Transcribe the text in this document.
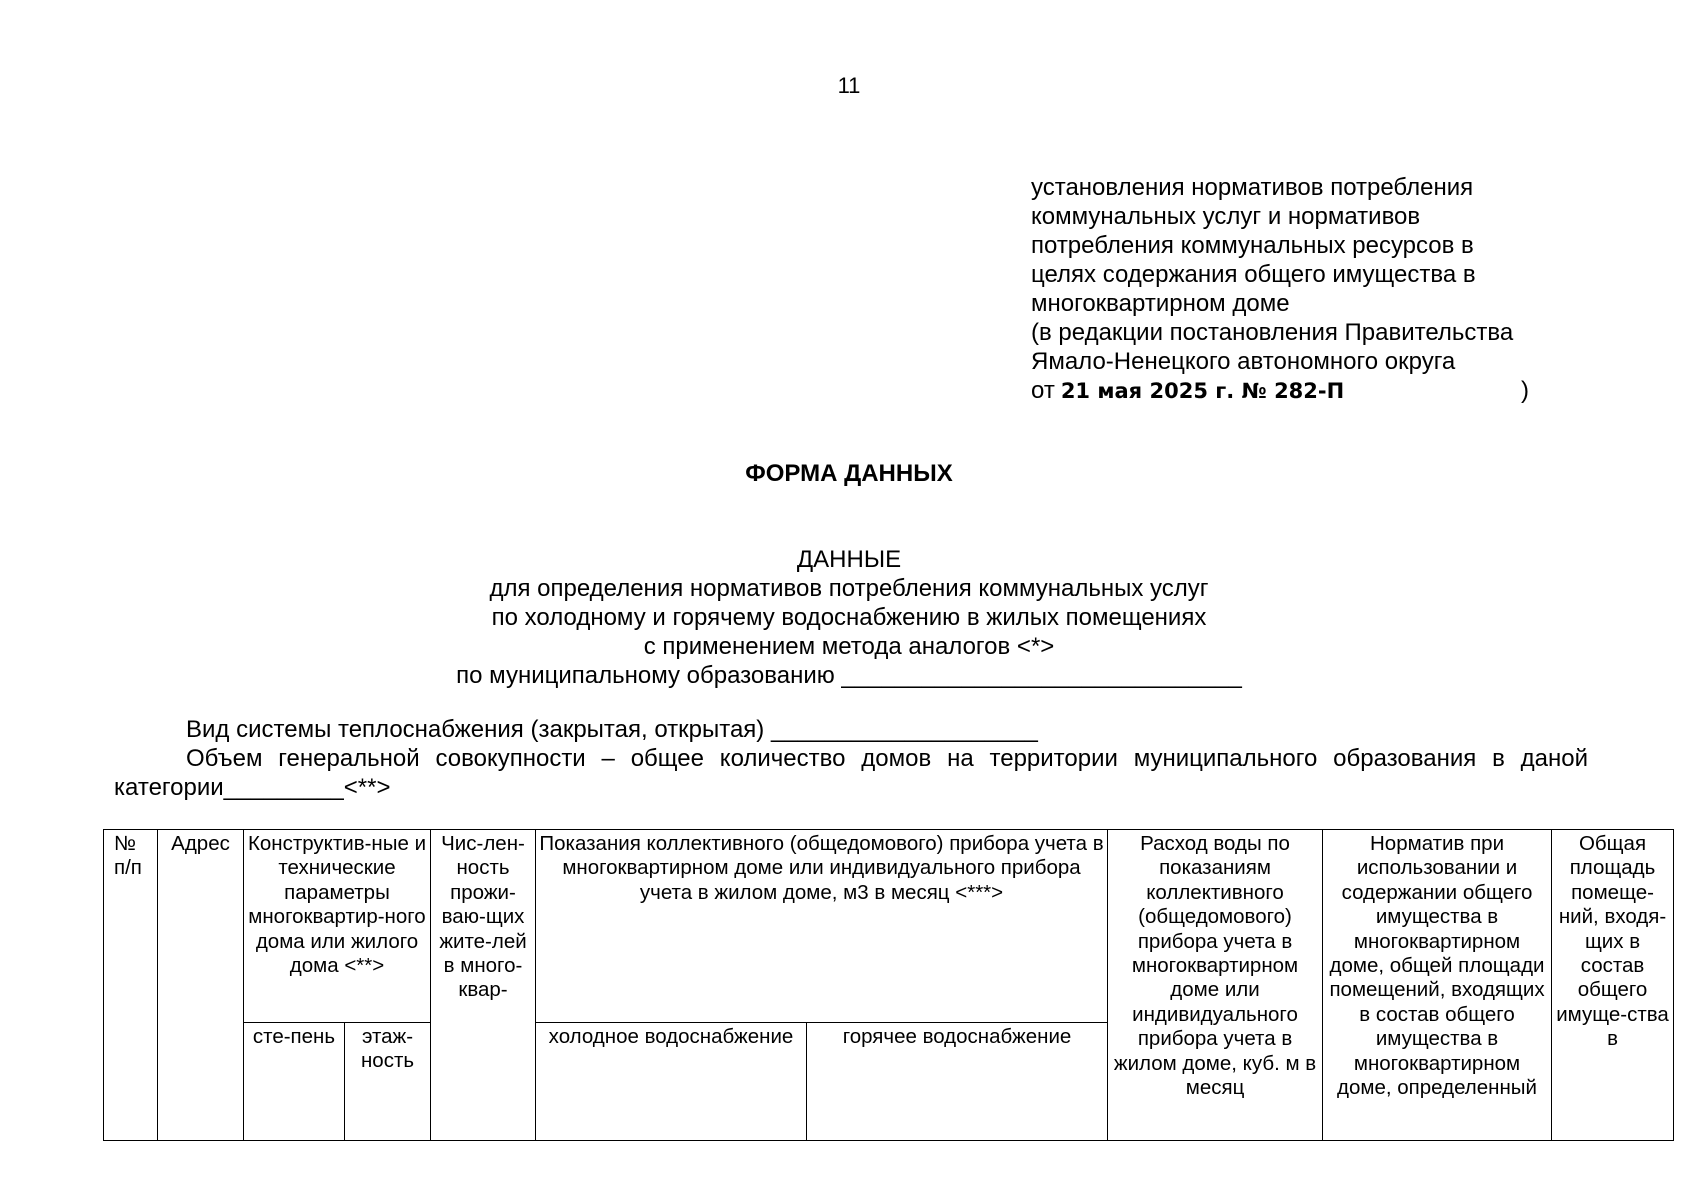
11
установления нормативов потребления
коммунальных услуг и нормативов
потребления коммунальных ресурсов в
целях содержания общего имущества в
многоквартирном доме
(в редакции постановления Правительства
Ямало-Ненецкого автономного округа
от 21 мая 2025 г. № 282-П	)
ФОРМА ДАННЫХ
ДАННЫЕ
для определения нормативов потребления коммунальных услуг
по холодному и горячему водоснабжению в жилых помещениях
с применением метода аналогов <*>
по муниципальному образованию ______________________________
Вид системы теплоснабжения (закрытая, открытая) ____________________
Объем генеральной совокупности – общее количество домов на территории муниципального образования в даной категории_________<**>
№ п/п	Адрес	Конструктив-ные и технические параметры многоквартир-ного дома или жилого дома <**>		Чис-лен-ность прожи-ваю-щих жите-лей в много-квар-	Показания коллективного (общедомового) прибора учета в многоквартирном доме или индивидуального прибора учета в жилом доме, м3 в месяц <***>		Расход воды по показаниям коллективного (общедомового) прибора учета в многоквартирном доме или индивидуального прибора учета в жилом доме, куб. м в месяц	Норматив при использовании и содержании общего имущества в многоквартирном доме, общей площади помещений, входящих в состав общего имущества в многоквартирном доме, определенный	Общая площадь помеще-ний, входя-щих в состав общего имуще-ства в
		сте-пень	этаж-ность		холодное водоснабжение	горячее водоснабжение			
